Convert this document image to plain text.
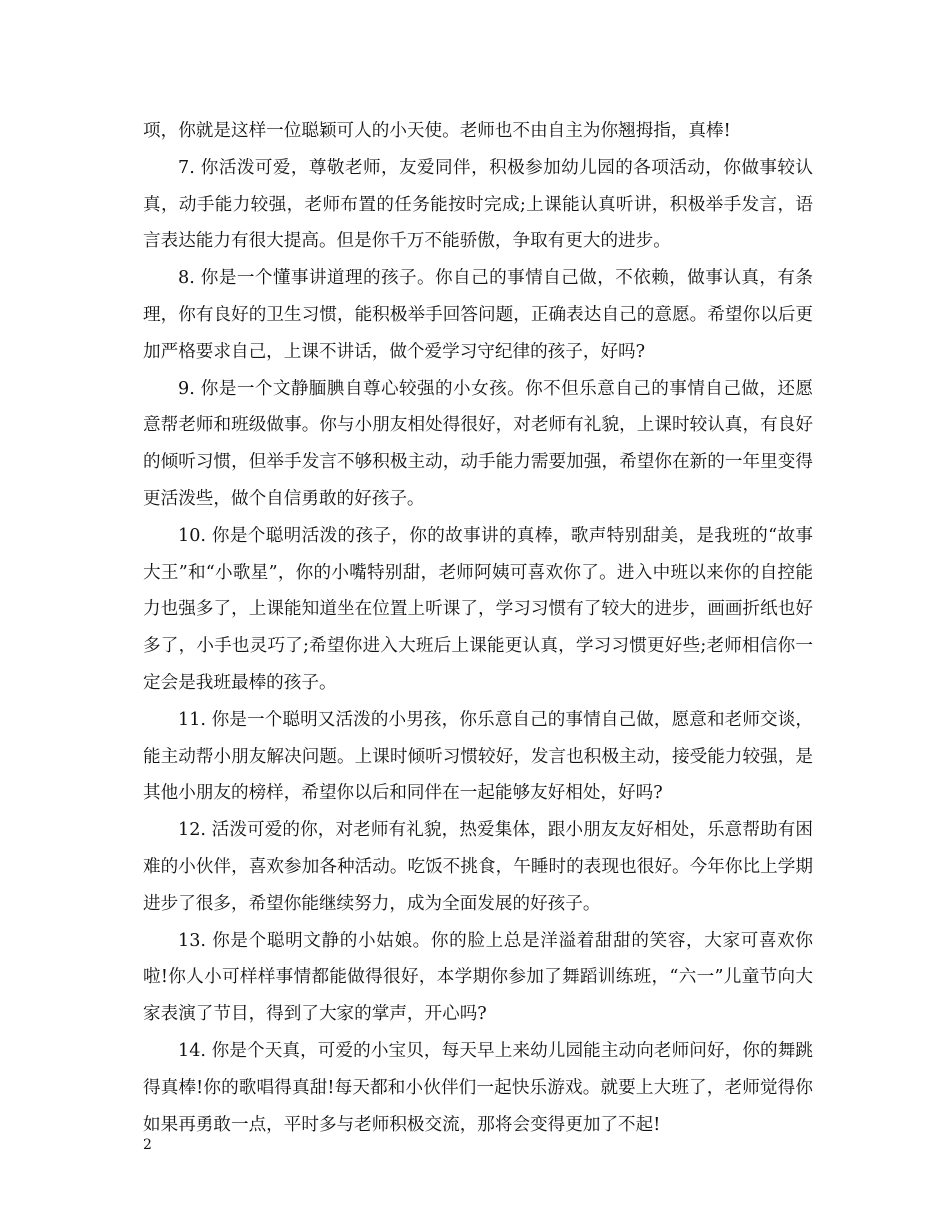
项，你就是这样一位聪颖可人的小天使。老师也不由自主为你翘拇指，真棒!

7. 你活泼可爱，尊敬老师，友爱同伴，积极参加幼儿园的各项活动，你做事较认真，动手能力较强，老师布置的任务能按时完成;上课能认真听讲，积极举手发言，语言表达能力有很大提高。但是你千万不能骄傲，争取有更大的进步。

8. 你是一个懂事讲道理的孩子。你自己的事情自己做，不依赖，做事认真，有条理，你有良好的卫生习惯，能积极举手回答问题，正确表达自己的意愿。希望你以后更加严格要求自己，上课不讲话，做个爱学习守纪律的孩子，好吗?

9. 你是一个文静腼腆自尊心较强的小女孩。你不但乐意自己的事情自己做，还愿意帮老师和班级做事。你与小朋友相处得很好，对老师有礼貌，上课时较认真，有良好的倾听习惯，但举手发言不够积极主动，动手能力需要加强，希望你在新的一年里变得更活泼些，做个自信勇敢的好孩子。

10. 你是个聪明活泼的孩子，你的故事讲的真棒，歌声特别甜美，是我班的“故事大王”和“小歌星”，你的小嘴特别甜，老师阿姨可喜欢你了。进入中班以来你的自控能力也强多了，上课能知道坐在位置上听课了，学习习惯有了较大的进步，画画折纸也好多了，小手也灵巧了;希望你进入大班后上课能更认真，学习习惯更好些;老师相信你一定会是我班最棒的孩子。

11. 你是一个聪明又活泼的小男孩，你乐意自己的事情自己做，愿意和老师交谈，能主动帮小朋友解决问题。上课时倾听习惯较好，发言也积极主动，接受能力较强，是其他小朋友的榜样，希望你以后和同伴在一起能够友好相处，好吗?

12. 活泼可爱的你，对老师有礼貌，热爱集体，跟小朋友友好相处，乐意帮助有困难的小伙伴，喜欢参加各种活动。吃饭不挑食，午睡时的表现也很好。今年你比上学期进步了很多，希望你能继续努力，成为全面发展的好孩子。

13. 你是个聪明文静的小姑娘。你的脸上总是洋溢着甜甜的笑容，大家可喜欢你啦!你人小可样样事情都能做得很好，本学期你参加了舞蹈训练班，“六一”儿童节向大家表演了节目，得到了大家的掌声，开心吗?

14. 你是个天真，可爱的小宝贝，每天早上来幼儿园能主动向老师问好，你的舞跳得真棒!你的歌唱得真甜!每天都和小伙伴们一起快乐游戏。就要上大班了，老师觉得你如果再勇敢一点，平时多与老师积极交流，那将会变得更加了不起!

2
